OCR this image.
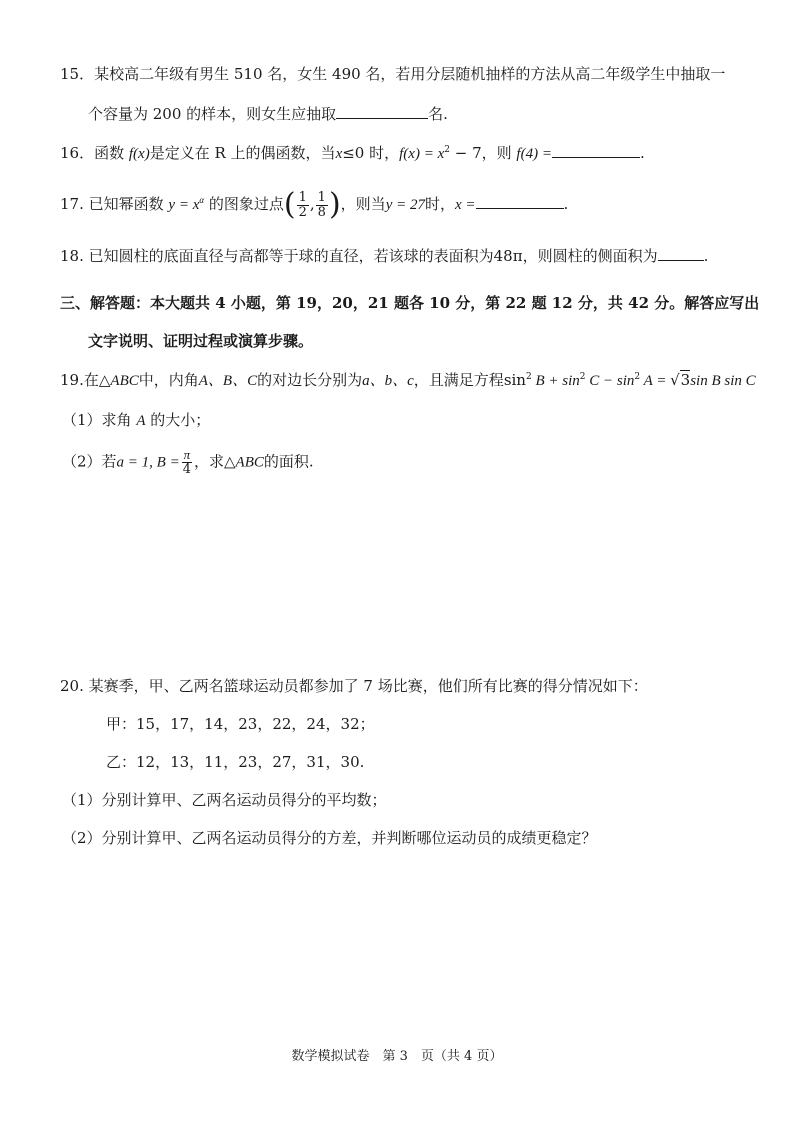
15．某校高二年级有男生 510 名，女生 490 名，若用分层随机抽样的方法从高二年级学生中抽取一
个容量为 200 的样本，则女生应抽取	名.
16．函数 f(x)是定义在 R 上的偶函数，当x≤0 时，$f(x) = x^2 - 7$，则 f(4) =	.
17. 已知幂函数 $y = x^\alpha$ 的图象过点( $\frac{1}{2}$ , $\frac{1}{8}$ )，则当y = 27时，x =	.
18. 已知圆柱的底面直径与高都等于球的直径，若该球的表面积为48π，则圆柱的侧面积为	.
三、解答题：本大题共 4 小题，第 19，20，21 题各 10 分，第 22 题 12 分，共 42 分。解答应写出
文字说明、证明过程或演算步骤。
19.在△ABC中，内角A、B、C的对边长分别为a、b、c，且满足方程$\sin^2 B + \sin^2 C - \sin^2 A = √3\sin$ B sin C
（1）求角 A 的大小；
（2）若a = 1, $B = \frac{\pi}{4}$ ，求△ABC的面积.
20. 某赛季，甲、乙两名篮球运动员都参加了 7 场比赛，他们所有比赛的得分情况如下：
甲：15，17，14，23，22，24，32；
乙：12，13，11，23，27，31，30.
（1）分别计算甲、乙两名运动员得分的平均数；
（2）分别计算甲、乙两名运动员得分的方差，并判断哪位运动员的成绩更稳定？
数学模拟试卷　第 3　页（共 4 页）
